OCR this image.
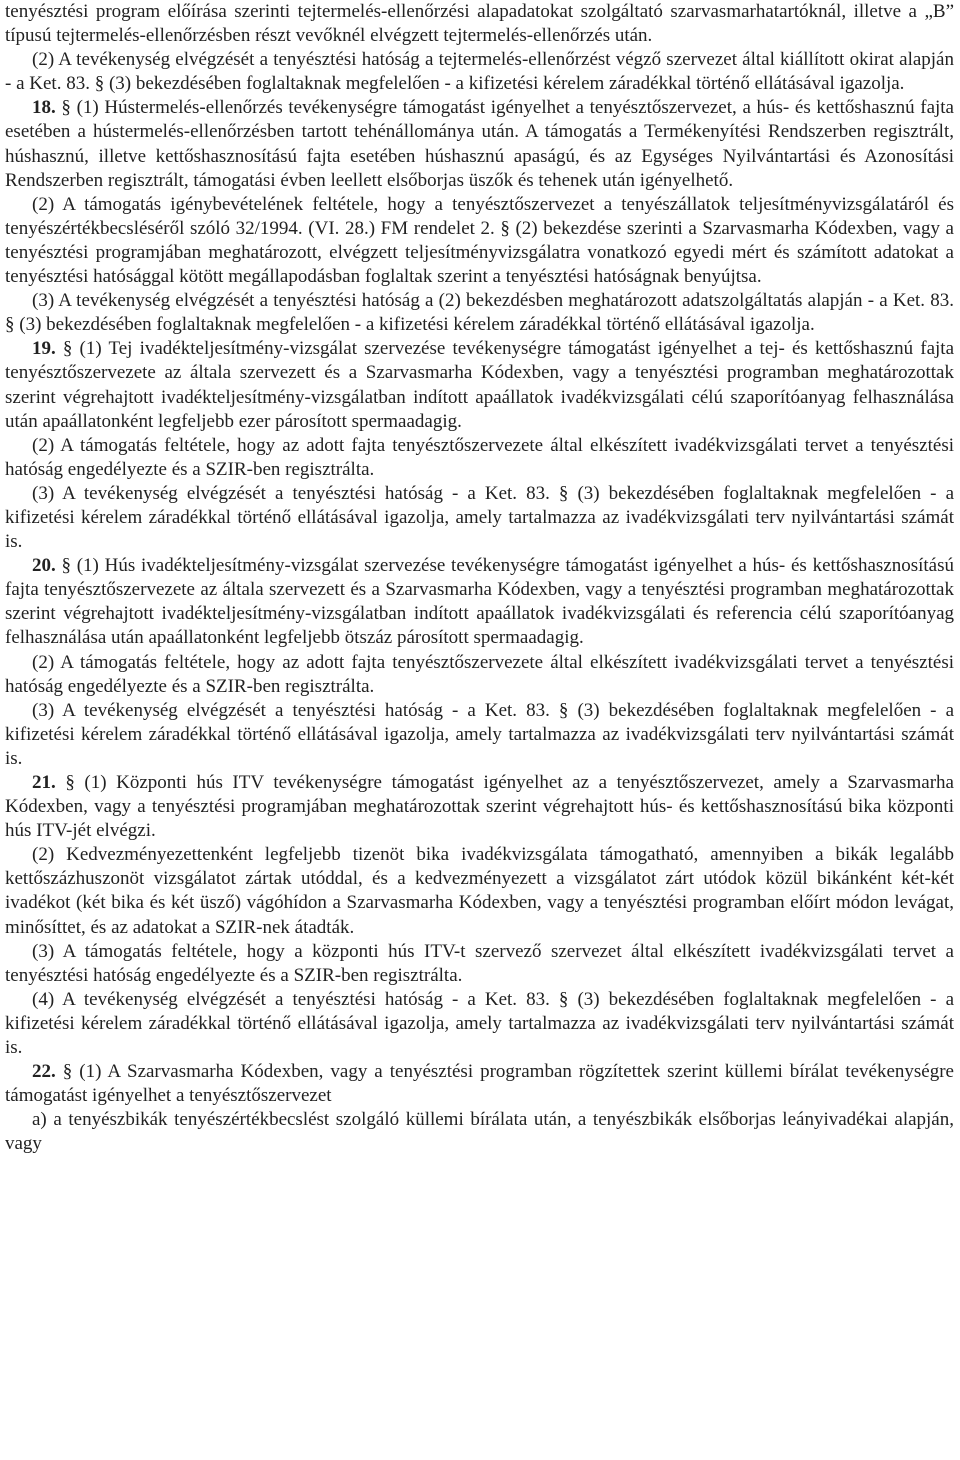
tenyésztési program előírása szerinti tejtermelés-ellenőrzési alapadatokat szolgáltató szarvasmarhatartóknál, illetve a „B” típusú tejtermelés-ellenőrzésben részt vevőknél elvégzett tejtermelés-ellenőrzés után.

(2) A tevékenység elvégzését a tenyésztési hatóság a tejtermelés-ellenőrzést végző szervezet által kiállított okirat alapján - a Ket. 83. § (3) bekezdésében foglaltaknak megfelelően - a kifizetési kérelem záradékkal történő ellátásával igazolja.

18. § (1) Hústermelés-ellenőrzés tevékenységre támogatást igényelhet a tenyésztőszervezet, a hús- és kettőshasznú fajta esetében a hústermelés-ellenőrzésben tartott tehénállománya után. A támogatás a Termékenyítési Rendszerben regisztrált, húshasznú, illetve kettőshasznosítású fajta esetében húshasznú apaságú, és az Egységes Nyilvántartási és Azonosítási Rendszerben regisztrált, támogatási évben leellett elsőborjas üszők és tehenek után igényelhető.

(2) A támogatás igénybevételének feltétele, hogy a tenyésztőszervezet a tenyészállatok teljesítményvizsgálatáról és tenyészértékbecsléséről szóló 32/1994. (VI. 28.) FM rendelet 2. § (2) bekezdése szerinti a Szarvasmarha Kódexben, vagy a tenyésztési programjában meghatározott, elvégzett teljesítményvizsgálatra vonatkozó egyedi mért és számított adatokat a tenyésztési hatósággal kötött megállapodásban foglaltak szerint a tenyésztési hatóságnak benyújtsa.

(3) A tevékenység elvégzését a tenyésztési hatóság a (2) bekezdésben meghatározott adatszolgáltatás alapján - a Ket. 83. § (3) bekezdésében foglaltaknak megfelelően - a kifizetési kérelem záradékkal történő ellátásával igazolja.

19. § (1) Tej ivadékteljesítmény-vizsgálat szervezése tevékenységre támogatást igényelhet a tej- és kettőshasznú fajta tenyésztőszervezete az általa szervezett és a Szarvasmarha Kódexben, vagy a tenyésztési programban meghatározottak szerint végrehajtott ivadékteljesítmény-vizsgálatban indított apaállatok ivadékvizsgálati célú szaporítóanyag felhasználása után apaállatonként legfeljebb ezer párosított spermaadagig.

(2) A támogatás feltétele, hogy az adott fajta tenyésztőszervezete által elkészített ivadékvizsgálati tervet a tenyésztési hatóság engedélyezte és a SZIR-ben regisztrálta.

(3) A tevékenység elvégzését a tenyésztési hatóság - a Ket. 83. § (3) bekezdésében foglaltaknak megfelelően - a kifizetési kérelem záradékkal történő ellátásával igazolja, amely tartalmazza az ivadékvizsgálati terv nyilvántartási számát is.

20. § (1) Hús ivadékteljesítmény-vizsgálat szervezése tevékenységre támogatást igényelhet a hús- és kettőshasznosítású fajta tenyésztőszervezete az általa szervezett és a Szarvasmarha Kódexben, vagy a tenyésztési programban meghatározottak szerint végrehajtott ivadékteljesítmény-vizsgálatban indított apaállatok ivadékvizsgálati és referencia célú szaporítóanyag felhasználása után apaállatonként legfeljebb ötszáz párosított spermaadagig.

(2) A támogatás feltétele, hogy az adott fajta tenyésztőszervezete által elkészített ivadékvizsgálati tervet a tenyésztési hatóság engedélyezte és a SZIR-ben regisztrálta.

(3) A tevékenység elvégzését a tenyésztési hatóság - a Ket. 83. § (3) bekezdésében foglaltaknak megfelelően - a kifizetési kérelem záradékkal történő ellátásával igazolja, amely tartalmazza az ivadékvizsgálati terv nyilvántartási számát is.

21. § (1) Központi hús ITV tevékenységre támogatást igényelhet az a tenyésztőszervezet, amely a Szarvasmarha Kódexben, vagy a tenyésztési programjában meghatározottak szerint végrehajtott hús- és kettőshasznosítású bika központi hús ITV-jét elvégzi.

(2) Kedvezményezettenként legfeljebb tizenöt bika ivadékvizsgálata támogatható, amennyiben a bikák legalább kettőszázhuszonöt vizsgálatot zártak utóddal, és a kedvezményezett a vizsgálatot zárt utódok közül bikánként két-két ivadékot (két bika és két üsző) vágóhídon a Szarvasmarha Kódexben, vagy a tenyésztési programban előírt módon levágat, minősíttet, és az adatokat a SZIR-nek átadták.

(3) A támogatás feltétele, hogy a központi hús ITV-t szervező szervezet által elkészített ivadékvizsgálati tervet a tenyésztési hatóság engedélyezte és a SZIR-ben regisztrálta.

(4) A tevékenység elvégzését a tenyésztési hatóság - a Ket. 83. § (3) bekezdésében foglaltaknak megfelelően - a kifizetési kérelem záradékkal történő ellátásával igazolja, amely tartalmazza az ivadékvizsgálati terv nyilvántartási számát is.

22. § (1) A Szarvasmarha Kódexben, vagy a tenyésztési programban rögzítettek szerint küllemi bírálat tevékenységre támogatást igényelhet a tenyésztőszervezet

a) a tenyészbikák tenyészértékbecslést szolgáló küllemi bírálata után, a tenyészbikák elsőborjas leányivadékai alapján, vagy
